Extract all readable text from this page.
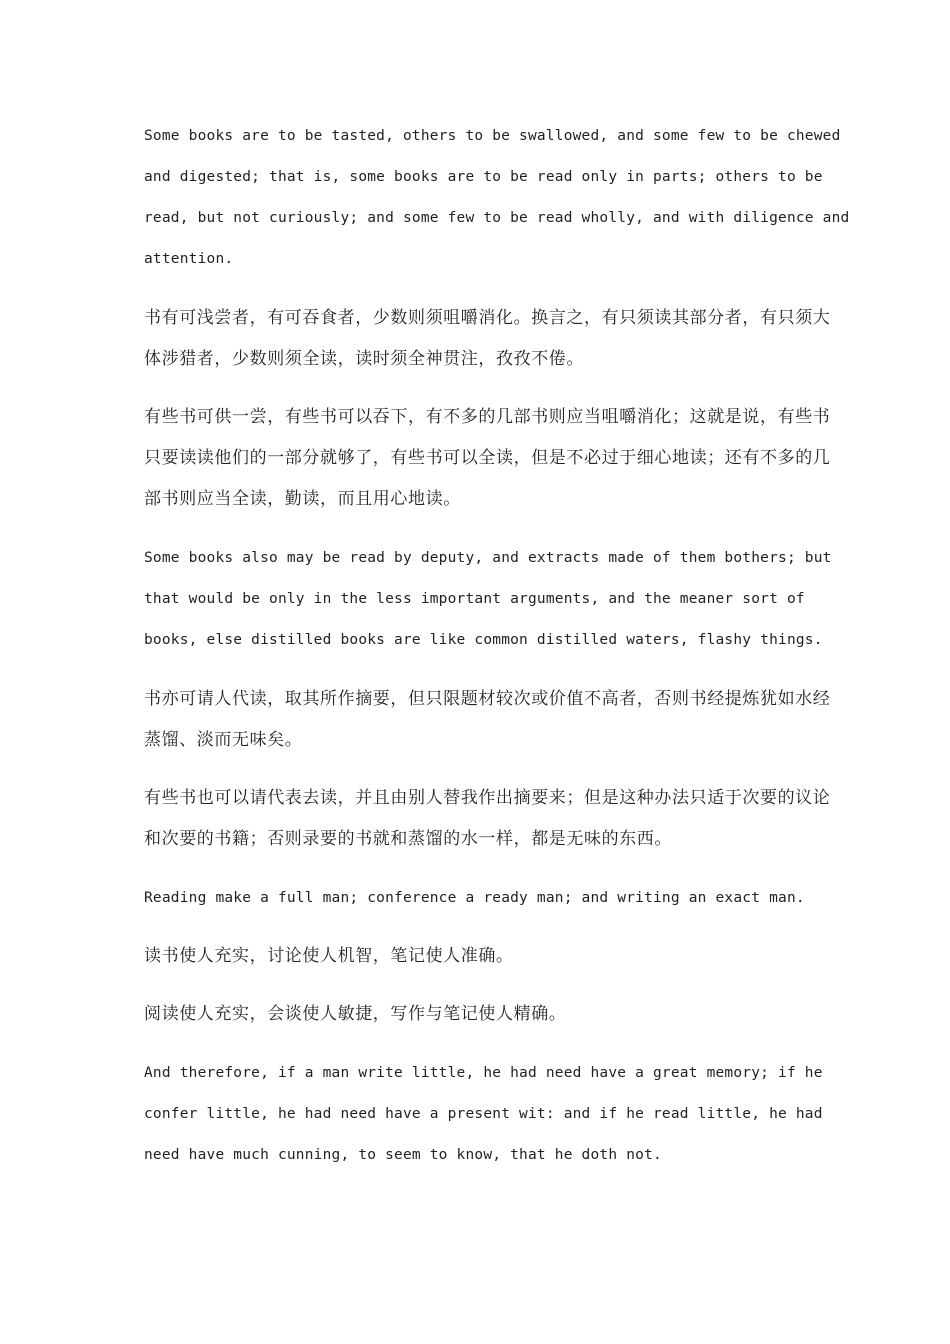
Some books are to be tasted, others to be swallowed, and some few to be chewed
and digested; that is, some books are to be read only in parts; others to be
read, but not curiously; and some few to be read wholly, and with diligence and
attention.
书有可浅尝者，有可吞食者，少数则须咀嚼消化。换言之，有只须读其部分者，有只须大
体涉猎者，少数则须全读，读时须全神贯注，孜孜不倦。
有些书可供一尝，有些书可以吞下，有不多的几部书则应当咀嚼消化；这就是说，有些书
只要读读他们的一部分就够了，有些书可以全读，但是不必过于细心地读；还有不多的几
部书则应当全读，勤读，而且用心地读。
Some books also may be read by deputy, and extracts made of them bothers; but
that would be only in the less important arguments, and the meaner sort of
books, else distilled books are like common distilled waters, flashy things.
书亦可请人代读，取其所作摘要，但只限题材较次或价值不高者，否则书经提炼犹如水经
蒸馏、淡而无味矣。
有些书也可以请代表去读，并且由别人替我作出摘要来；但是这种办法只适于次要的议论
和次要的书籍；否则录要的书就和蒸馏的水一样，都是无味的东西。
Reading make a full man; conference a ready man; and writing an exact man.
读书使人充实，讨论使人机智，笔记使人准确。
阅读使人充实，会谈使人敏捷，写作与笔记使人精确。
And therefore, if a man write little, he had need have a great memory; if he
confer little, he had need have a present wit: and if he read little, he had
need have much cunning, to seem to know, that he doth not.
